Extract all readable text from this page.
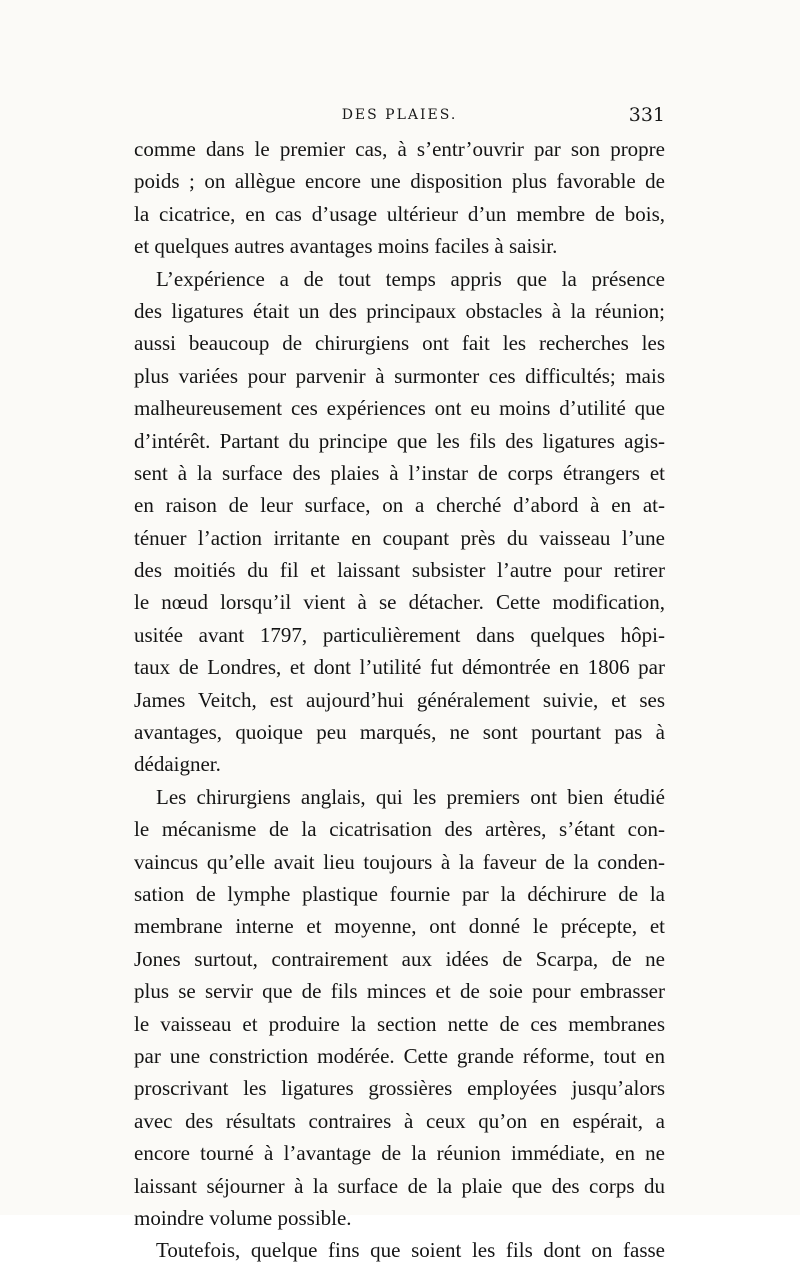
DES PLAIES.	331
comme dans le premier cas, à s’entr’ouvrir par son propre
poids ; on allègue encore une disposition plus favorable de
la cicatrice, en cas d’usage ultérieur d’un membre de bois,
et quelques autres avantages moins faciles à saisir.
L’expérience a de tout temps appris que la présence
des ligatures était un des principaux obstacles à la réunion;
aussi beaucoup de chirurgiens ont fait les recherches les
plus variées pour parvenir à surmonter ces difficultés; mais
malheureusement ces expériences ont eu moins d’utilité que
d’intérêt. Partant du principe que les fils des ligatures agis-
sent à la surface des plaies à l’instar de corps étrangers et
en raison de leur surface, on a cherché d’abord à en at-
ténuer l’action irritante en coupant près du vaisseau l’une
des moitiés du fil et laissant subsister l’autre pour retirer
le nœud lorsqu’il vient à se détacher. Cette modification,
usitée avant 1797, particulièrement dans quelques hôpi-
taux de Londres, et dont l’utilité fut démontrée en 1806 par
James Veitch, est aujourd’hui généralement suivie, et ses
avantages, quoique peu marqués, ne sont pourtant pas à
dédaigner.
Les chirurgiens anglais, qui les premiers ont bien étudié
le mécanisme de la cicatrisation des artères, s’étant con-
vaincus qu’elle avait lieu toujours à la faveur de la conden-
sation de lymphe plastique fournie par la déchirure de la
membrane interne et moyenne, ont donné le précepte, et
Jones surtout, contrairement aux idées de Scarpa, de ne
plus se servir que de fils minces et de soie pour embrasser
le vaisseau et produire la section nette de ces membranes
par une constriction modérée. Cette grande réforme, tout en
proscrivant les ligatures grossières employées jusqu’alors
avec des résultats contraires à ceux qu’on en espérait, a
encore tourné à l’avantage de la réunion immédiate, en ne
laissant séjourner à la surface de la plaie que des corps du
moindre volume possible.
Toutefois, quelque fins que soient les fils dont on fasse
